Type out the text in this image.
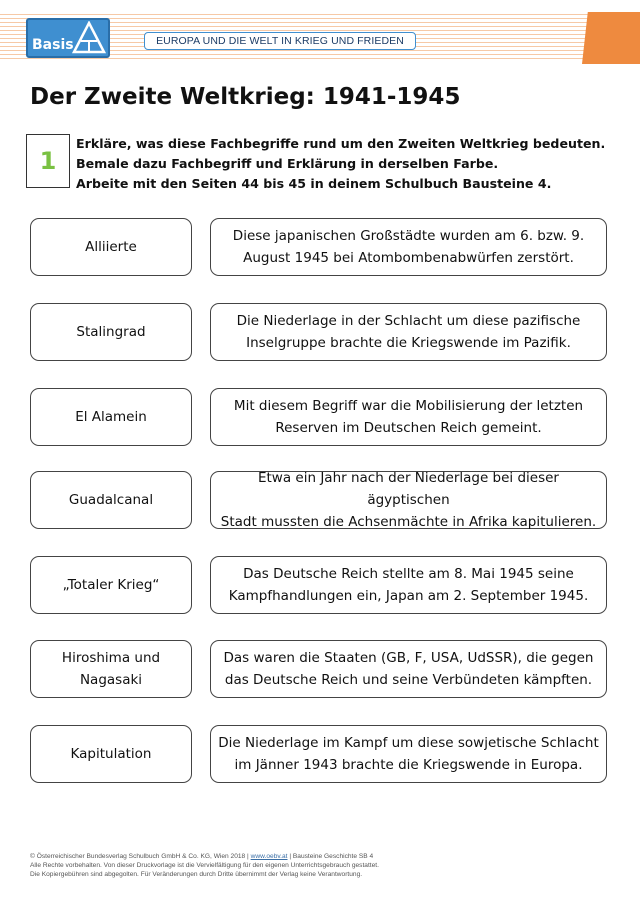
Basis	EUROPA UND DIE WELT IN KRIEG UND FRIEDEN
Der Zweite Weltkrieg: 1941-1945
1
Erkläre, was diese Fachbegriffe rund um den Zweiten Weltkrieg bedeuten.
Bemale dazu Fachbegriff und Erklärung in derselben Farbe.
Arbeite mit den Seiten 44 bis 45 in deinem Schulbuch Bausteine 4.
Alliierte
Diese japanischen Großstädte wurden am 6. bzw. 9.
August 1945 bei Atombombenabwürfen zerstört.
Stalingrad
Die Niederlage in der Schlacht um diese pazifische
Inselgruppe brachte die Kriegswende im Pazifik.
El Alamein
Mit diesem Begriff war die Mobilisierung der letzten
Reserven im Deutschen Reich gemeint.
Guadalcanal
Etwa ein Jahr nach der Niederlage bei dieser ägyptischen
Stadt mussten die Achsenmächte in Afrika kapitulieren.
„Totaler Krieg“
Das Deutsche Reich stellte am 8. Mai 1945 seine
Kampfhandlungen ein, Japan am 2. September 1945.
Hiroshima und
Nagasaki
Das waren die Staaten (GB, F, USA, UdSSR), die gegen
das Deutsche Reich und seine Verbündeten kämpften.
Kapitulation
Die Niederlage im Kampf um diese sowjetische Schlacht
im Jänner 1943 brachte die Kriegswende in Europa.
© Österreichischer Bundesverlag Schulbuch GmbH & Co. KG, Wien 2018 | www.oebv.at | Bausteine Geschichte SB 4
Alle Rechte vorbehalten. Von dieser Druckvorlage ist die Vervielfältigung für den eigenen Unterrichtsgebrauch gestattet.
Die Kopiergebühren sind abgegolten. Für Veränderungen durch Dritte übernimmt der Verlag keine Verantwortung.
